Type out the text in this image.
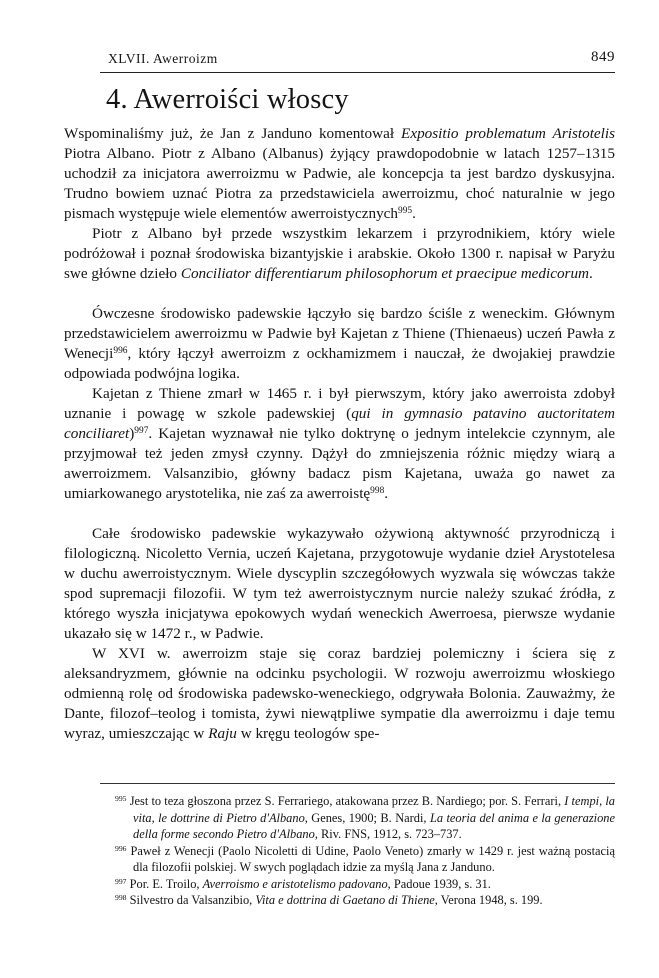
XLVII. Awerroizm	849
4. Awerroiści włoscy

Wspominaliśmy już, że Jan z Janduno komentował Expositio problematum Aristotelis Piotra Albano. Piotr z Albano (Albanus) żyjący prawdopodobnie w latach 1257–1315 uchodził za inicjatora awerroizmu w Padwie, ale koncepcja ta jest bardzo dyskusyjna. Trudno bowiem uznać Piotra za przedstawiciela awerroizmu, choć naturalnie w jego pismach występuje wiele elementów awerroistycznych$^{995}$.

Piotr z Albano był przede wszystkim lekarzem i przyrodnikiem, który wiele podróżował i poznał środowiska bizantyjskie i arabskie. Około 1300 r. napisał w Paryżu swe główne dzieło Conciliator differentiarum philosophorum et praecipue medicorum.

Ówczesne środowisko padewskie łączyło się bardzo ściśle z weneckim. Głównym przedstawicielem awerroizmu w Padwie był Kajetan z Thiene (Thienaeus) uczeń Pawła z Wenecji$^{996}$, który łączył awerroizm z ockhamizmem i nauczał, że dwojakiej prawdzie odpowiada podwójna logika.

Kajetan z Thiene zmarł w 1465 r. i był pierwszym, który jako awerroista zdobył uznanie i powagę w szkole padewskiej (qui in gymnasio patavino auctoritatem conciliaret)$^{997}$. Kajetan wyznawał nie tylko doktrynę o jednym intelekcie czynnym, ale przyjmował też jeden zmysł czynny. Dążył do zmniejszenia różnic między wiarą a awerroizmem. Valsanzibio, główny badacz pism Kajetana, uważa go nawet za umiarkowanego arystotelika, nie zaś za awerroistę$^{998}$.

Całe środowisko padewskie wykazywało ożywioną aktywność przyrodniczą i filologiczną. Nicoletto Vernia, uczeń Kajetana, przygotowuje wydanie dzieł Arystotelesa w duchu awerroistycznym. Wiele dyscyplin szczegółowych wyzwala się wówczas także spod supremacji filozofii. W tym też awerroistycznym nurcie należy szukać źródła, z którego wyszła inicjatywa epokowych wydań weneckich Awerroesa, pierwsze wydanie ukazało się w 1472 r., w Padwie.

W XVI w. awerroizm staje się coraz bardziej polemiczny i ściera się z aleksandryzmem, głównie na odcinku psychologii. W rozwoju awerroizmu włoskiego odmienną rolę od środowiska padewsko-weneckiego, odgrywała Bolonia. Zauważmy, że Dante, filozof–teolog i tomista, żywi niewątpliwe sympatie dla awerroizmu i daje temu wyraz, umieszczając w Raju w kręgu teologów spe-

$^{995}$ Jest to teza głoszona przez S. Ferrariego, atakowana przez B. Nardiego; por. S. Ferrari, I tempi, la vita, le dottrine di Pietro d'Albano, Genes, 1900; B. Nardi, La teoria del anima e la generazione della forme secondo Pietro d'Albano, Riv. FNS, 1912, s. 723–737.

$^{996}$ Paweł z Wenecji (Paolo Nicoletti di Udine, Paolo Veneto) zmarły w 1429 r. jest ważną postacią dla filozofii polskiej. W swych poglądach idzie za myślą Jana z Janduno.

$^{997}$ Por. E. Troilo, Averroismo e aristotelismo padovano, Padoue 1939, s. 31.

$^{998}$ Silvestro da Valsanzibio, Vita e dottrina di Gaetano di Thiene, Verona 1948, s. 199.
